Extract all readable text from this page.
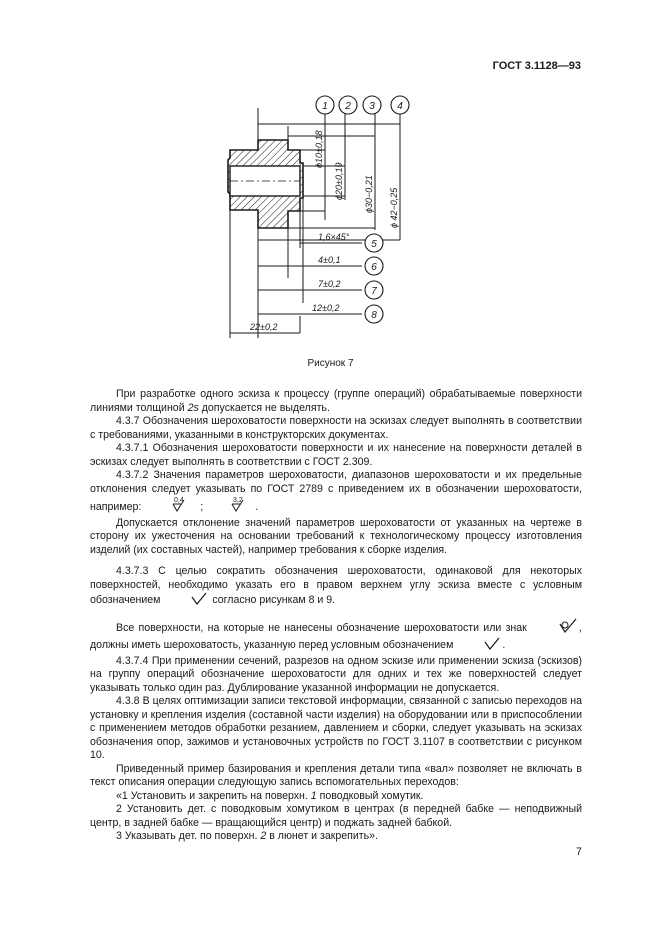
ГОСТ 3.1128—93
1 2 3 4
5
6
7
8
ϕ10±0,18
ϕ20±0,19 ϕ30−0,21 ϕ 42−0,25
1,6×45°
4±0,1
7±0,2
12±0,2
22±0,2
Рисунок 7

При разработке одного эскиза к процессу (группе операций) обрабатываемые поверхности линиями толщиной 2s допускается не выделять.

4.3.7 Обозначения шероховатости поверхности на эскизах следует выполнять в соответствии с требованиями, указанными в конструкторских документах.

4.3.7.1 Обозначения шероховатости поверхности и их нанесение на поверхности деталей в эскизах следует выполнять в соответствии с ГОСТ 2.309.

4.3.7.2 Значения параметров шероховатости, диапазонов шероховатости и их предельные отклонения следует указывать по ГОСТ 2789 с приведением их в обозначении шероховатости, например:
0,4
;
3,2
.

Допускается отклонение значений параметров шероховатости от указанных на чертеже в сторону их ужесточения на основании требований к технологическому процессу изготовления изделий (их составных частей), например требования к сборке изделия.

4.3.7.3 С целью сократить обозначения шероховатости, одинаковой для некоторых поверхностей, необходимо указать его в правом верхнем углу эскиза вместе с условным обозначением	согласно рисункам 8 и 9.

Все поверхности, на которые не нанесены обозначение шероховатости или знак	, должны иметь шероховатость, указанную перед условным обозначением	.

4.3.7.4 При применении сечений, разрезов на одном эскизе или применении эскиза (эскизов) на группу операций обозначение шероховатости для одних и тех же поверхностей следует указывать только один раз. Дублирование указанной информации не допускается.

4.3.8 В целях оптимизации записи текстовой информации, связанной с записью переходов на установку и крепления изделия (составной части изделия) на оборудовании или в приспособлении с применением методов обработки резанием, давлением и сборки, следует указывать на эскизах обозначения опор, зажимов и установочных устройств по ГОСТ 3.1107 в соответствии с рисунком 10.

Приведенный пример базирования и крепления детали типа «вал» позволяет не включать в текст описания операции следующую запись вспомогательных переходов:

«1 Установить и закрепить на поверхн. 1 поводковый хомутик.

2 Установить дет. с поводковым хомутиком в центрах (в передней бабке — неподвижный центр, в задней бабке — вращающийся центр) и поджать задней бабкой.

3 Указывать дет. по поверхн. 2 в люнет и закрепить».

7
